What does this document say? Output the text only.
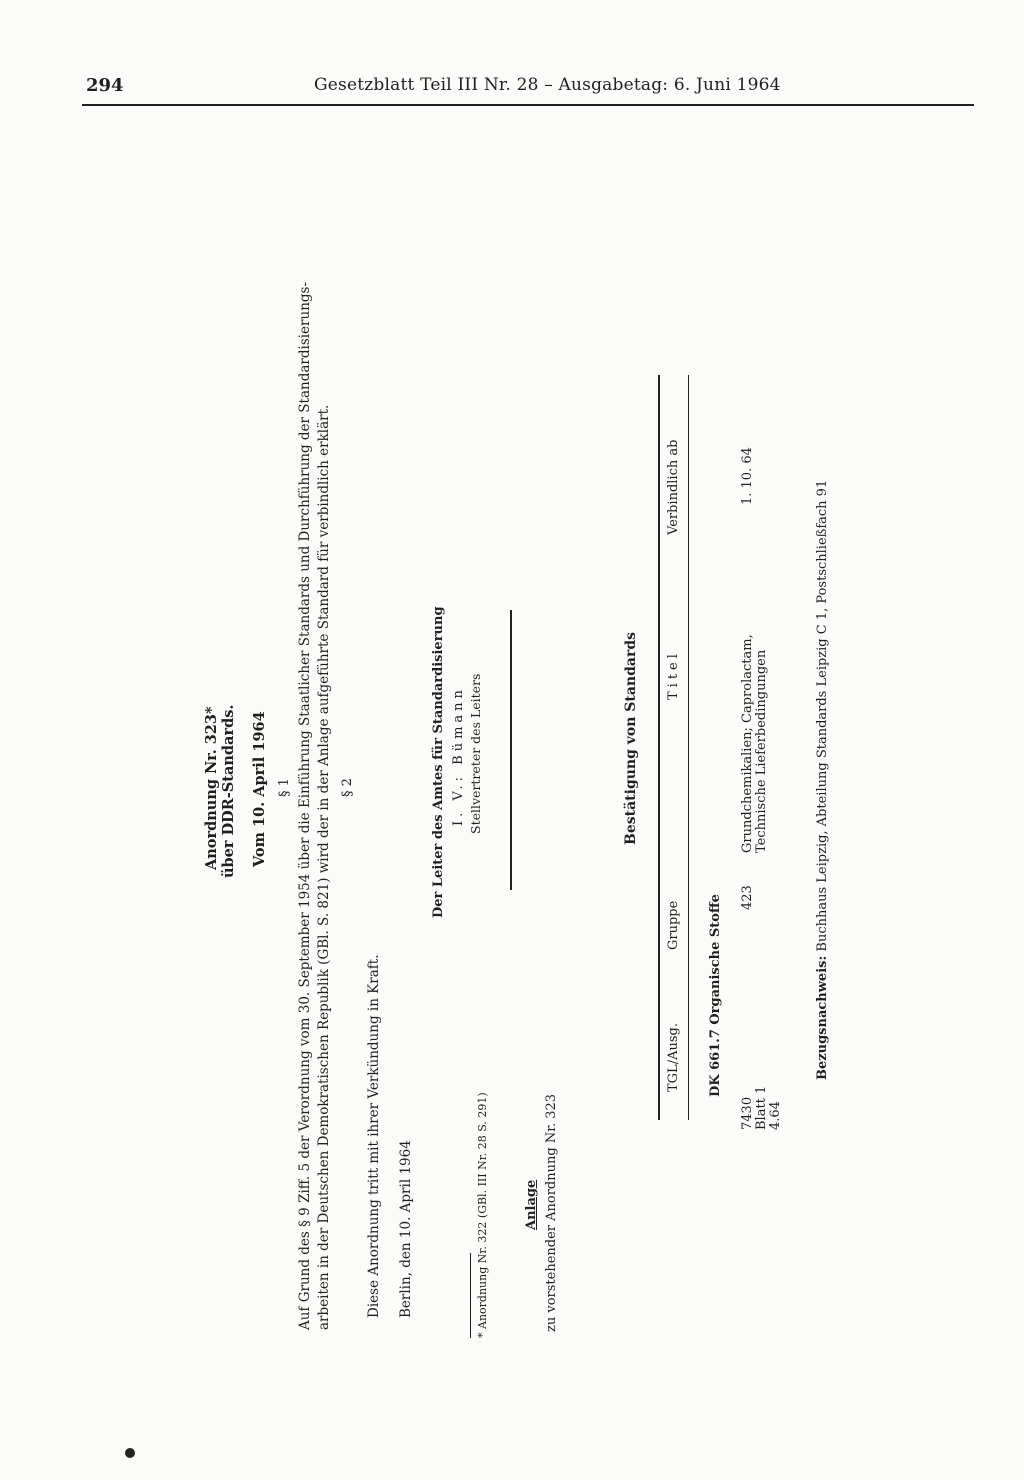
294	Gesetzblatt Teil III Nr. 28 – Ausgabetag: 6. Juni 1964
Anordnung Nr. 323* über DDR-Standards. Vom 10. April 1964 § 1 Auf Grund des § 9 Ziff. 5 der Verordnung vom 30. September 1954 über die Einführung Staatlicher Standards und Durchführung der Standardisierungs- arbeiten in der Deutschen Demokratischen Republik (GBl. S. 821) wird der in der Anlage aufgeführte Standard für verbindlich erklärt. § 2
Diese Anordnung tritt mit ihrer Verkündung in Kraft. Berlin, den 10. April 1964
Der Leiter des Amtes für Standardisierung I. V.: Bümann Stellvertreter des Leiters
* Anordnung Nr. 322 (GBl. III Nr. 28 S. 291)	Anlage zu vorstehender Anordnung Nr. 323
Bestätigung von Standards
TGL/Ausg.
Gruppe
Titel
Verbindlich ab
DK 661.7 Organische Stoffe
7430 Blatt 1 4.64
423
Grundchemikalien; Caprolactam, Technische Lieferbedingungen
1. 10. 64
Bezugsnachweis: Buchhaus Leipzig, Abteilung Standards Leipzig C 1, Postschließfach 91
